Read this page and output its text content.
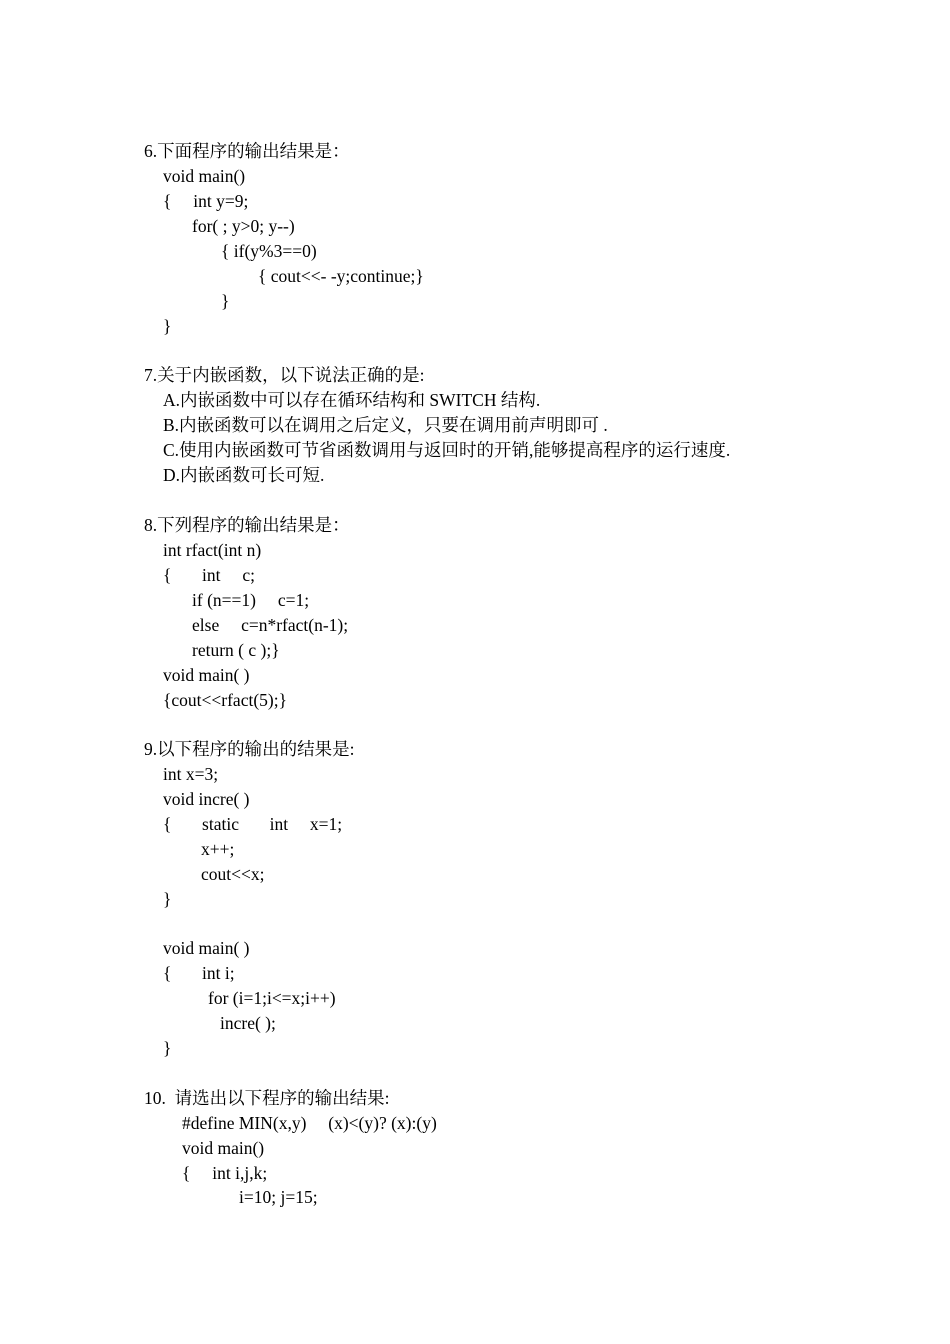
6.下面程序的输出结果是：

void main()

{     int y=9;

for( ; y>0; y--)

{ if(y%3==0)

{ cout<<- -y;continue;}

}

}

7.关于内嵌函数，以下说法正确的是:

A.内嵌函数中可以存在循环结构和 SWITCH 结构.

B.内嵌函数可以在调用之后定义，只要在调用前声明即可 .

C.使用内嵌函数可节省函数调用与返回时的开销,能够提高程序的运行速度.

D.内嵌函数可长可短.

8.下列程序的输出结果是：

int rfact(int n)

{       int     c;

if (n==1)     c=1;

else     c=n*rfact(n-1);

return ( c );}

void main( )

{cout<<rfact(5);}

9.以下程序的输出的结果是:

int x=3;

void incre( )

{       static       int     x=1;

x++;

cout<<x;

}

void main( )

{       int i;

for (i=1;i<=x;i++)

incre( );

}

10.  请选出以下程序的输出结果:

#define MIN(x,y)     (x)<(y)? (x):(y)

void main()

{     int i,j,k;

i=10; j=15;
